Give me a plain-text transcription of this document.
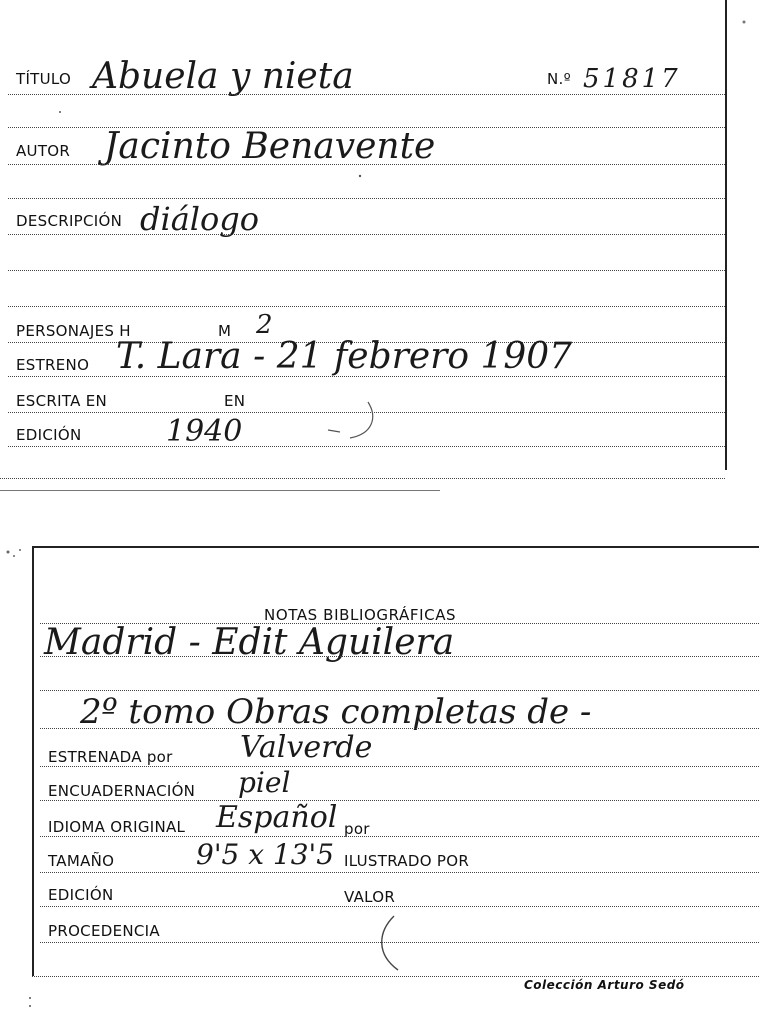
TÍTULO Abuela y nieta	N.º 51817
AUTOR Jacinto Benavente
DESCRIPCIÓN diálogo
PERSONAJES H	M 2
ESTRENO T. Lara - 21 febrero 1907
ESCRITA EN	EN
EDICIÓN	1940
NOTAS BIBLIOGRÁFICAS
Madrid - Edit Aguilera
2º tomo Obras completas de -
ESTRENADA por Valverde
ENCUADERNACIÓN piel
IDIOMA ORIGINAL Español por
TAMAÑO	9'5 x 13'5 ILUSTRADO POR
EDICIÓN	VALOR
PROCEDENCIA
Colección Arturo Sedó
